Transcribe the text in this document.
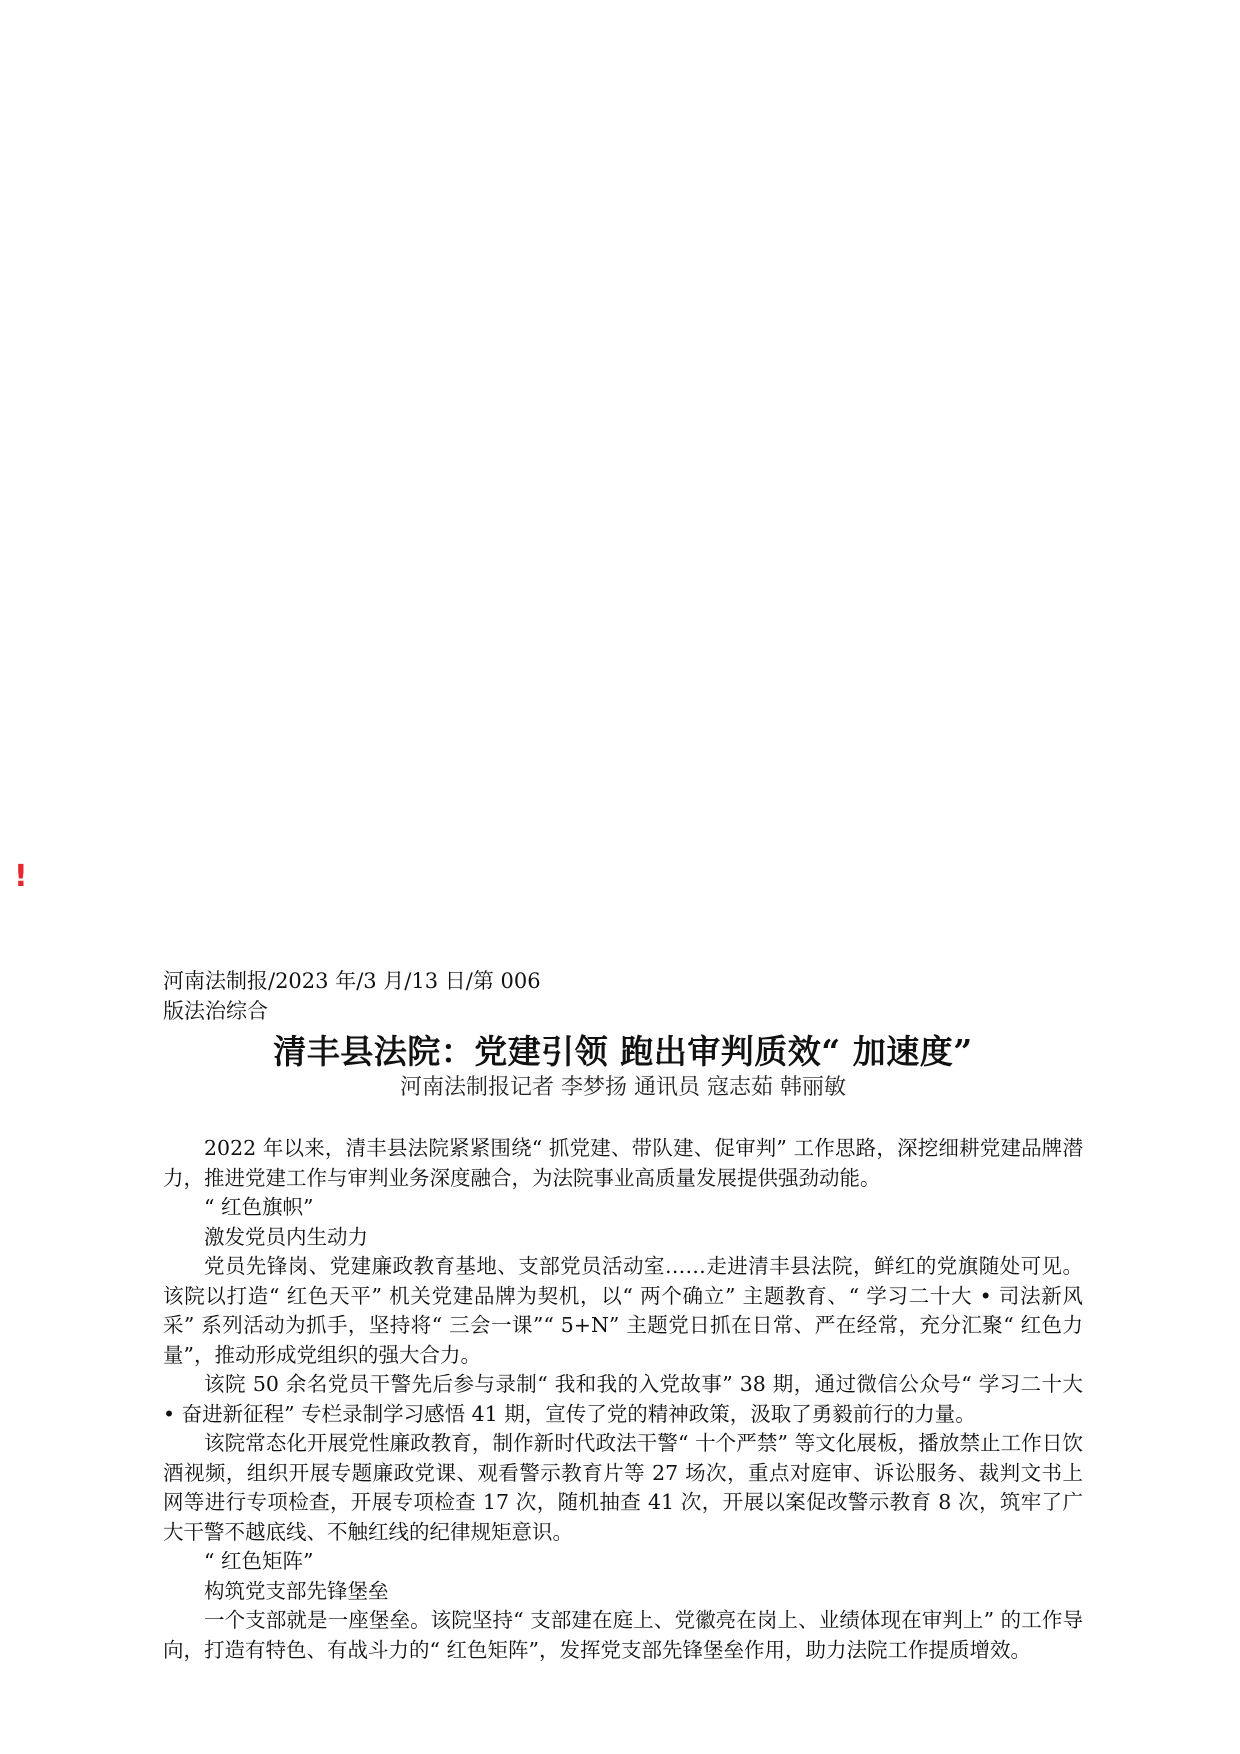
!

河南法制报/2023 年/3 月/13 日/第 006

版法治综合

清丰县法院：党建引领 跑出审判质效“ 加速度”

河南法制报记者 李梦扬 通讯员 寇志茹 韩丽敏

2022 年以来，清丰县法院紧紧围绕“ 抓党建、带队建、促审判” 工作思路，深挖细耕党建品牌潜力，推进党建工作与审判业务深度融合，为法院事业高质量发展提供强劲动能。

“ 红色旗帜”

激发党员内生动力

党员先锋岗、党建廉政教育基地、支部党员活动室……走进清丰县法院，鲜红的党旗随处可见。该院以打造“ 红色天平” 机关党建品牌为契机，以“ 两个确立” 主题教育、“ 学习二十大 • 司法新风采” 系列活动为抓手，坚持将“ 三会一课”“ 5+N” 主题党日抓在日常、严在经常，充分汇聚“ 红色力量”，推动形成党组织的强大合力。

该院 50 余名党员干警先后参与录制“ 我和我的入党故事” 38 期，通过微信公众号“ 学习二十大 • 奋进新征程” 专栏录制学习感悟 41 期，宣传了党的精神政策，汲取了勇毅前行的力量。

该院常态化开展党性廉政教育，制作新时代政法干警“ 十个严禁” 等文化展板，播放禁止工作日饮酒视频，组织开展专题廉政党课、观看警示教育片等 27 场次，重点对庭审、诉讼服务、裁判文书上网等进行专项检查，开展专项检查 17 次，随机抽查 41 次，开展以案促改警示教育 8 次，筑牢了广大干警不越底线、不触红线的纪律规矩意识。

“ 红色矩阵”

构筑党支部先锋堡垒

一个支部就是一座堡垒。该院坚持“ 支部建在庭上、党徽亮在岗上、业绩体现在审判上” 的工作导向，打造有特色、有战斗力的“ 红色矩阵”，发挥党支部先锋堡垒作用，助力法院工作提质增效。
